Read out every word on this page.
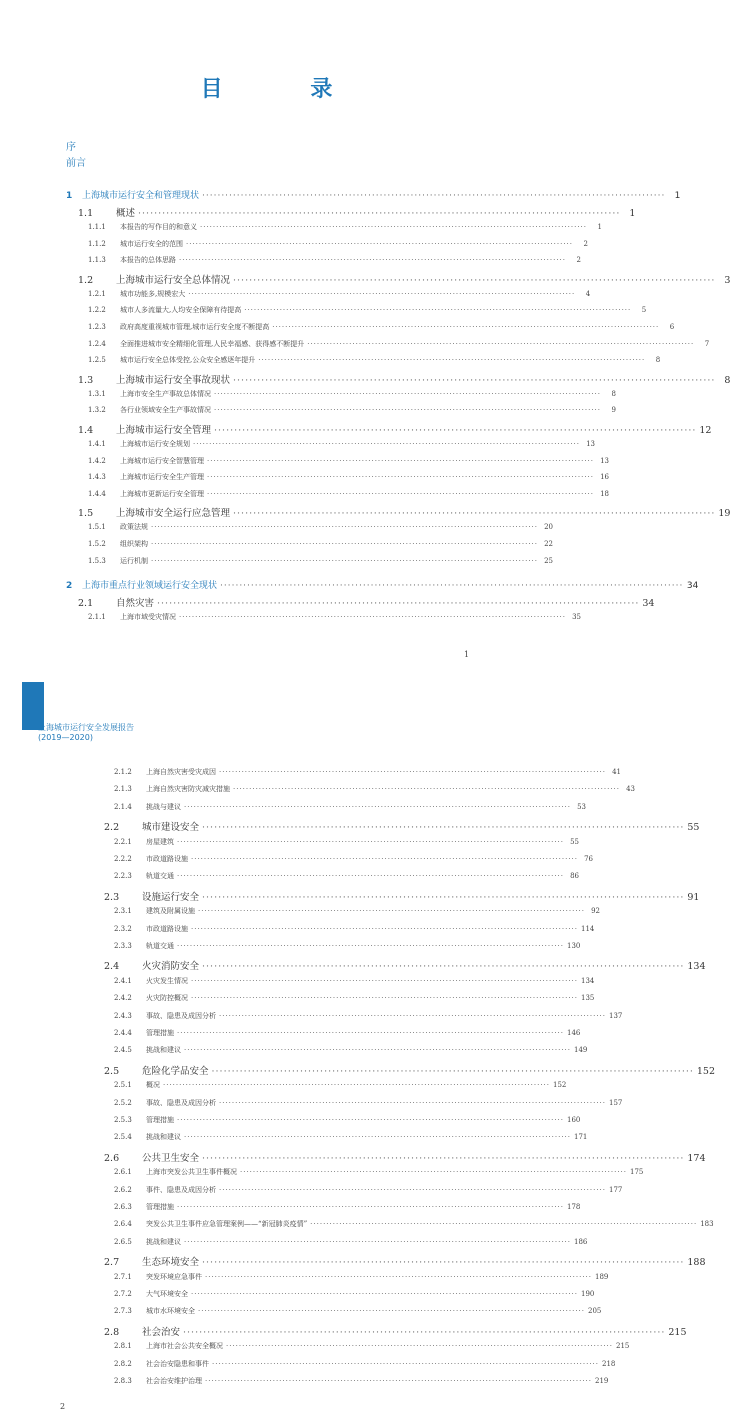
目 录
序
前言
1	上海城市运行安全和管理现状 ························································································································	1
1.1	概述 ························································································································ 1
1.1.1	本报告的写作目的和意义 ························································································································	1
1.1.2	城市运行安全的范围 ························································································································	2
1.1.3	本报告的总体思路 ························································································································	2
1.2	上海城市运行安全总体情况 ························································································································ 3
1.2.1	城市功能多,规模宏大 ························································································································	4
1.2.2	城市人多流量大,人均安全保障有待提高 ························································································································	5
1.2.3	政府高度重视城市管理,城市运行安全度不断提高 ························································································································	6
1.2.4	全面推进城市安全精细化管理,人民幸福感、获得感不断提升 ························································································································	7
1.2.5	城市运行安全总体受控,公众安全感逐年提升 ························································································································	8
1.3	上海城市运行安全事故现状 ························································································································ 8
1.3.1	上海市安全生产事故总体情况 ························································································································	8
1.3.2	各行业领域安全生产事故情况 ························································································································	9
1.4	上海城市运行安全管理 ························································································································ 12
1.4.1	上海城市运行安全规划 ························································································································ 13
1.4.2	上海城市运行安全智慧管理 ························································································································ 13
1.4.3	上海城市运行安全生产管理 ························································································································ 16
1.4.4	上海城市更新运行安全管理 ························································································································ 18
1.5	上海城市安全运行应急管理 ························································································································ 19
1.5.1	政策法规 ························································································································ 20
1.5.2	组织架构 ························································································································ 22
1.5.3	运行机制 ························································································································ 25
2	上海市重点行业领域运行安全现状 ························································································································ 34
2.1	自然灾害 ························································································································ 34
2.1.1	上海市域受灾情况 ························································································································ 35
1
上海城市运行安全发展报告
(2019—2020)
2.1.2	上海自然灾害受灾成因 ························································································································ 41
2.1.3	上海自然灾害防灾减灾措施 ························································································································ 43
2.1.4	挑战与建议 ························································································································ 53
2.2	城市建设安全 ························································································································ 55
2.2.1	房屋建筑 ························································································································ 55
2.2.2	市政道路设施 ························································································································ 76
2.2.3	轨道交通 ························································································································ 86
2.3	设施运行安全 ························································································································ 91
2.3.1	建筑及附属设施 ························································································································ 92
2.3.2	市政道路设施 ························································································································ 114
2.3.3	轨道交通 ························································································································ 130
2.4	火灾消防安全 ························································································································ 134
2.4.1	火灾发生情况 ························································································································ 134
2.4.2	火灾防控概况 ························································································································ 135
2.4.3	事故、隐患及成因分析 ························································································································ 137
2.4.4	管理措施 ························································································································ 146
2.4.5	挑战和建议 ························································································································ 149
2.5	危险化学品安全 ························································································································ 152
2.5.1	概况 ························································································································ 152
2.5.2	事故、隐患及成因分析 ························································································································ 157
2.5.3	管理措施 ························································································································ 160
2.5.4	挑战和建议 ························································································································ 171
2.6	公共卫生安全 ························································································································ 174
2.6.1	上海市突发公共卫生事件概况 ························································································································ 175
2.6.2	事件、隐患及成因分析 ························································································································ 177
2.6.3	管理措施 ························································································································ 178
2.6.4	突发公共卫生事件应急管理案例——“新冠肺炎疫情” ························································································································ 183
2.6.5	挑战和建议 ························································································································ 186
2.7	生态环境安全 ························································································································ 188
2.7.1	突发环境应急事件 ························································································································ 189
2.7.2	大气环境安全 ························································································································ 190
2.7.3	城市水环境安全 ························································································································ 205
2.8	社会治安 ························································································································ 215
2.8.1	上海市社会公共安全概况 ························································································································ 215
2.8.2	社会治安隐患和事件 ························································································································ 218
2.8.3	社会治安维护治理 ························································································································ 219
2
